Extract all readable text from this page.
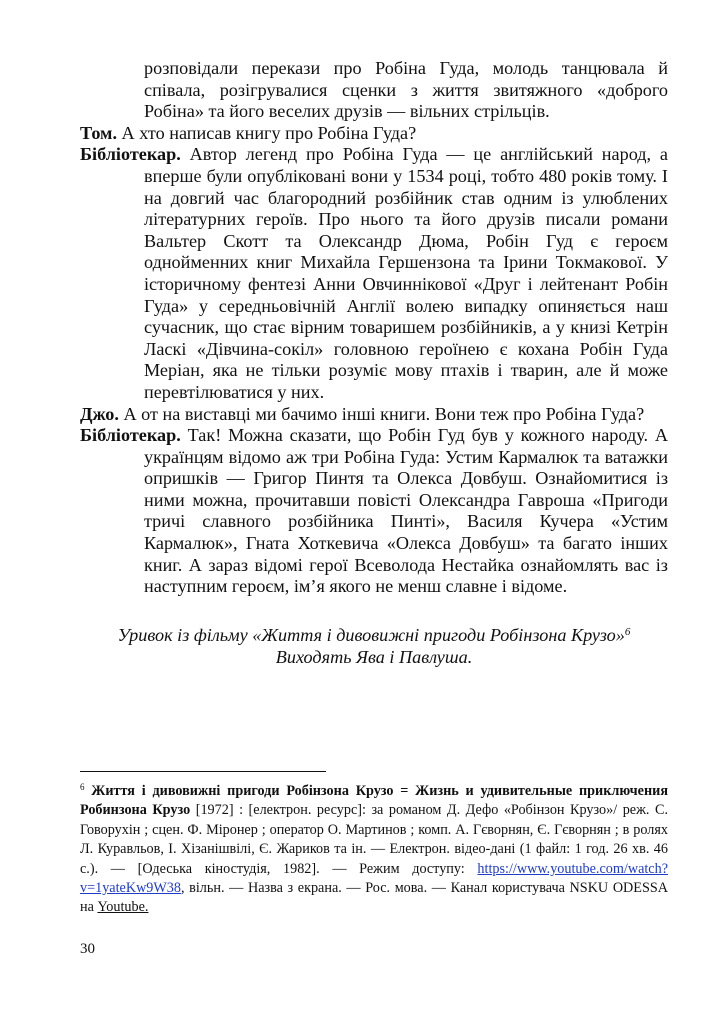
розповідали перекази про Робіна Гуда, молодь танцювала й співала, розігрувалися сценки з життя звитяжного «доброго Робіна» та його веселих друзів — вільних стрільців.

Том. А хто написав книгу про Робіна Гуда?

Бібліотекар. Автор легенд про Робіна Гуда — це англійський народ, а вперше були опубліковані вони у 1534 році, тобто 480 років тому. І на довгий час благородний розбійник став одним із улюблених літературних героїв. Про нього та його друзів писали романи Вальтер Скотт та Олександр Дюма, Робін Гуд є героєм однойменних книг Михайла Гершензона та Ірини Токмакової. У історичному фентезі Анни Овчиннікової «Друг і лейтенант Робін Гуда» у середньовічній Англії волею випадку опиняється наш сучасник, що стає вірним товаришем розбійників, а у книзі Кетрін Ласкі «Дівчина-сокіл» головною героїнею є кохана Робін Гуда Меріан, яка не тільки розуміє мову птахів і тварин, але й може перевтілюватися у них.

Джо. А от на виставці ми бачимо інші книги. Вони теж про Робіна Гуда?

Бібліотекар. Так! Можна сказати, що Робін Гуд був у кожного народу. А українцям відомо аж три Робіна Гуда: Устим Кармалюк та ватажки опришків — Григор Пинтя та Олекса Довбуш. Ознайомитися із ними можна, прочитавши повісті Олександра Гавроша «Пригоди тричі славного розбійника Пинті», Василя Кучера «Устим Кармалюк», Гната Хоткевича «Олекса Довбуш» та багато інших книг. А зараз відомі герої Всеволода Нестайка ознайомлять вас із наступним героєм, ім’я якого не менш славне і відоме.

Уривок із фільму «Життя і дивовижні пригоди Робінзона Крузо»$^6$
Виходять Ява і Павлуша.
$^6$ Життя і дивовижні пригоди Робінзона Крузо = Жизнь и удивительные приключения Робинзона Крузо [1972] : [електрон. ресурс]: за романом Д. Дефо «Робінзон Крузо»/ реж. С. Говорухін ; сцен. Ф. Міронер ; оператор О. Мартинов ; комп. А. Гєворнян, Є. Гєворнян ; в ролях Л. Куравльов, І. Хізанішвілі, Є. Жариков та ін. — Електрон. відео-дані (1 файл: 1 год. 26 хв. 46 с.). — [Одеська кіностудія, 1982]. — Режим доступу: https://www.youtube.com/watch?v=1yateKw9W38, вільн. — Назва з екрана. — Рос. мова. — Канал користувача NSKU ODESSA на Youtube.
30
